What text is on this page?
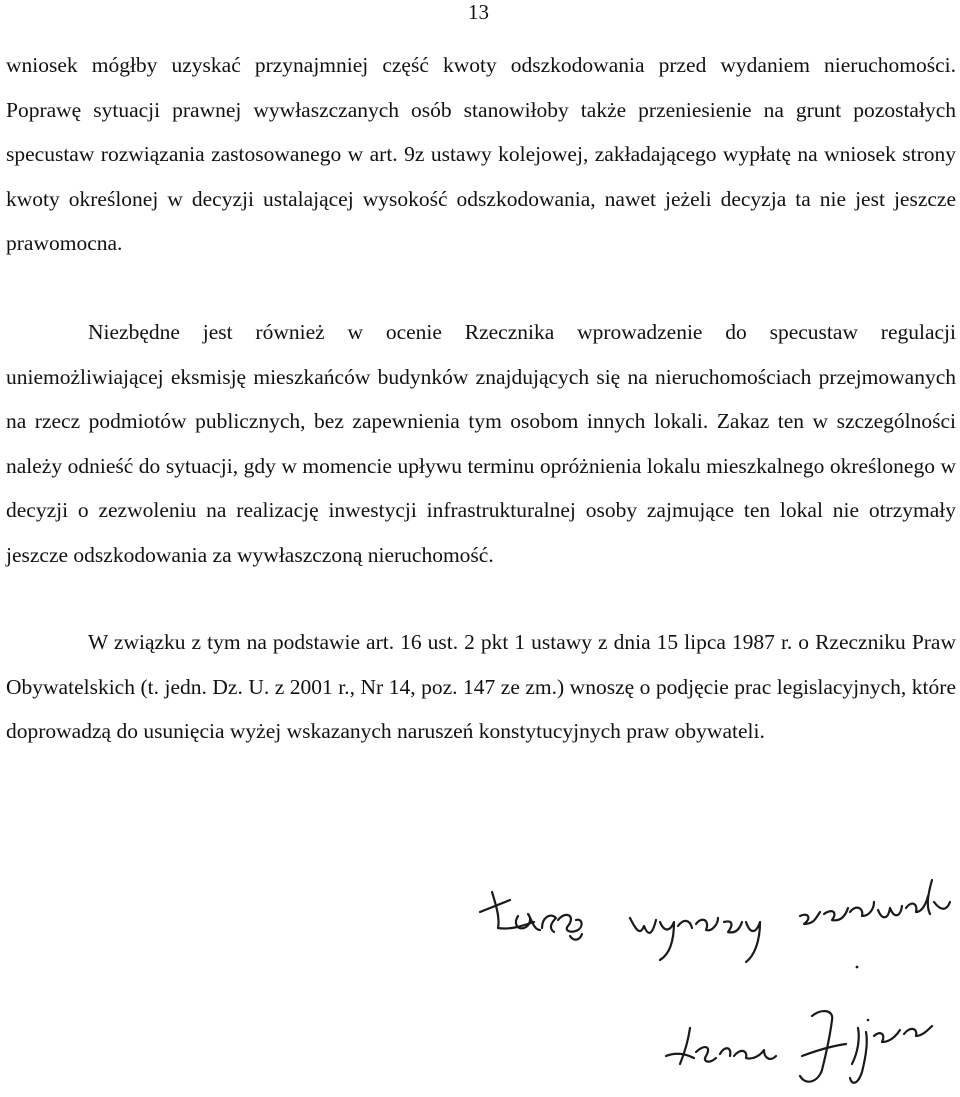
13

wniosek mógłby uzyskać przynajmniej część kwoty odszkodowania przed wydaniem nieruchomości. Poprawę sytuacji prawnej wywłaszczanych osób stanowiłoby także przeniesienie na grunt pozostałych specustaw rozwiązania zastosowanego w art. 9z ustawy kolejowej, zakładającego wypłatę na wniosek strony kwoty określonej w decyzji ustalającej wysokość odszkodowania, nawet jeżeli decyzja ta nie jest jeszcze prawomocna.

Niezbędne jest również w ocenie Rzecznika wprowadzenie do specustaw regulacji uniemożliwiającej eksmisję mieszkańców budynków znajdujących się na nieruchomościach przejmowanych na rzecz podmiotów publicznych, bez zapewnienia tym osobom innych lokali. Zakaz ten w szczególności należy odnieść do sytuacji, gdy w momencie upływu terminu opróżnienia lokalu mieszkalnego określonego w decyzji o zezwoleniu na realizację inwestycji infrastrukturalnej osoby zajmujące ten lokal nie otrzymały jeszcze odszkodowania za wywłaszczoną nieruchomość.

W związku z tym na podstawie art. 16 ust. 2 pkt 1 ustawy z dnia 15 lipca 1987 r. o Rzeczniku Praw Obywatelskich (t. jedn. Dz. U. z 2001 r., Nr 14, poz. 147 ze zm.) wnoszę o podjęcie prac legislacyjnych, które doprowadzą do usunięcia wyżej wskazanych naruszeń konstytucyjnych praw obywateli.
